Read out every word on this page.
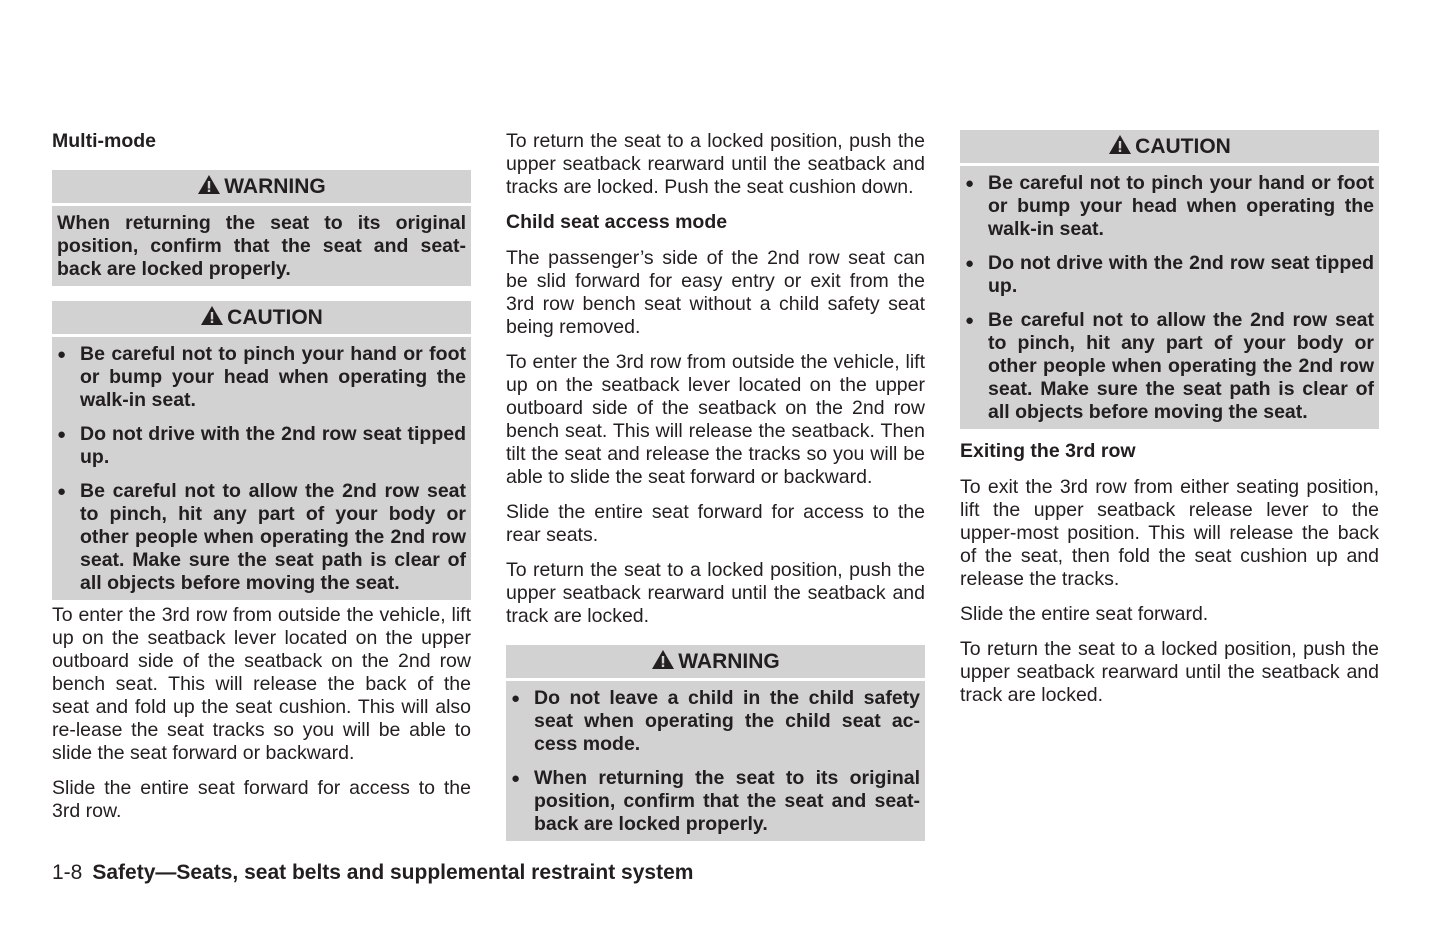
Multi-mode
WARNING
When returning the seat to its original position, confirm that the seat and seat-back are locked properly.
CAUTION
● Be careful not to pinch your hand or foot or bump your head when operating the walk-in seat.
● Do not drive with the 2nd row seat tipped up.
● Be careful not to allow the 2nd row seat to pinch, hit any part of your body or other people when operating the 2nd row seat. Make sure the seat path is clear of all objects before moving the seat.

To enter the 3rd row from outside the vehicle, lift up on the seatback lever located on the upper outboard side of the seatback on the 2nd row bench seat. This will release the back of the seat and fold up the seat cushion. This will also re-lease the seat tracks so you will be able to slide the seat forward or backward.

Slide the entire seat forward for access to the 3rd row.

To return the seat to a locked position, push the upper seatback rearward until the seatback and tracks are locked. Push the seat cushion down.

Child seat access mode

The passenger’s side of the 2nd row seat can be slid forward for easy entry or exit from the 3rd row bench seat without a child safety seat being removed.

To enter the 3rd row from outside the vehicle, lift up on the seatback lever located on the upper outboard side of the seatback on the 2nd row bench seat. This will release the seatback. Then tilt the seat and release the tracks so you will be able to slide the seat forward or backward.

Slide the entire seat forward for access to the rear seats.

To return the seat to a locked position, push the upper seatback rearward until the seatback and track are locked.

WARNING
● Do not leave a child in the child safety seat when operating the child seat ac-cess mode.
● When returning the seat to its original position, confirm that the seat and seat-back are locked properly.
CAUTION
● Be careful not to pinch your hand or foot or bump your head when operating the walk-in seat.
● Do not drive with the 2nd row seat tipped up.
● Be careful not to allow the 2nd row seat to pinch, hit any part of your body or other people when operating the 2nd row seat. Make sure the seat path is clear of all objects before moving the seat.
Exiting the 3rd row

To exit the 3rd row from either seating position, lift the upper seatback release lever to the upper-most position. This will release the back of the seat, then fold the seat cushion up and release the tracks.

Slide the entire seat forward.

To return the seat to a locked position, push the upper seatback rearward until the seatback and track are locked.

1-8 Safety—Seats, seat belts and supplemental restraint system
